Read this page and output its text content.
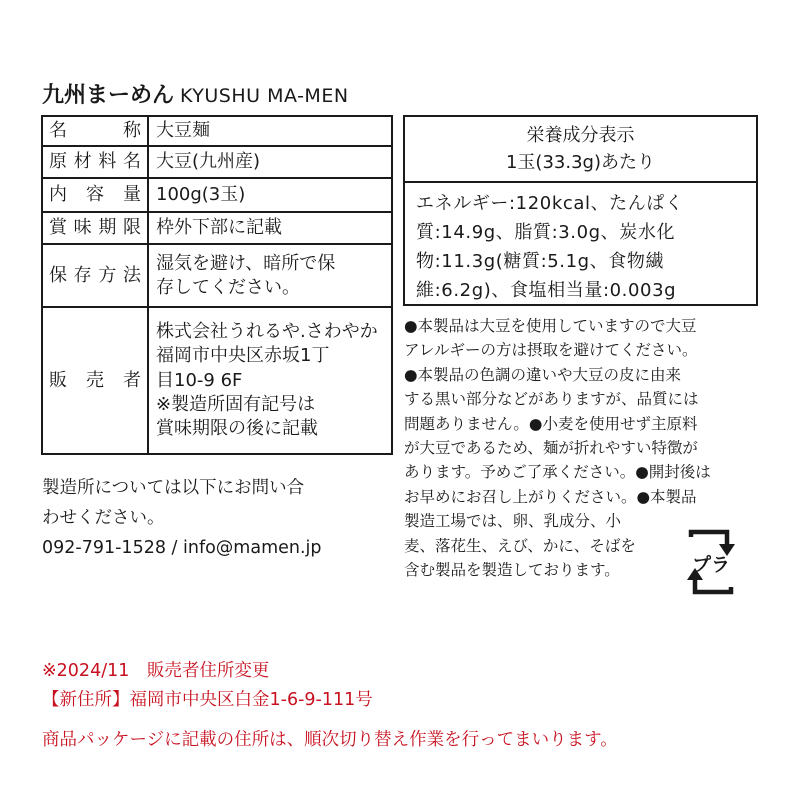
九州まーめん KYUSHU MA-MEN
名称	大豆麺
原材料名	大豆(九州産)
内容量	100g(3玉)
賞味期限	枠外下部に記載
保存方法	湿気を避け、暗所で保
存してください。

販売者	株式会社うれるや.さわやか
福岡市中央区赤坂1丁
目10-9 6F
※製造所固有記号は
賞味期限の後に記載
製造所については以下にお問い合
わせください。
092-791-1528 / info@mamen.jp
栄養成分表示
1玉(33.3g)あたり
エネルギー:120kcal、たんぱく
質:14.9g、脂質:3.0g、炭水化
物:11.3g(糖質:5.1g、食物繊
維:6.2g)、食塩相当量:0.003g
●本製品は大豆を使用していますので大豆
アレルギーの方は摂取を避けてください。
●本製品の色調の違いや大豆の皮に由来
する黒い部分などがありますが、品質には
問題ありません。●小麦を使用せず主原料
が大豆であるため、麺が折れやすい特徴が
あります。予めご了承ください。●開封後は
お早めにお召し上がりください。●本製品
製造工場では、卵、乳成分、小
麦、落花生、えび、かに、そばを
含む製品を製造しております。	プラ
※2024/11　販売者住所変更
【新住所】福岡市中央区白金1-6-9-111号
商品パッケージに記載の住所は、順次切り替え作業を行ってまいります。
